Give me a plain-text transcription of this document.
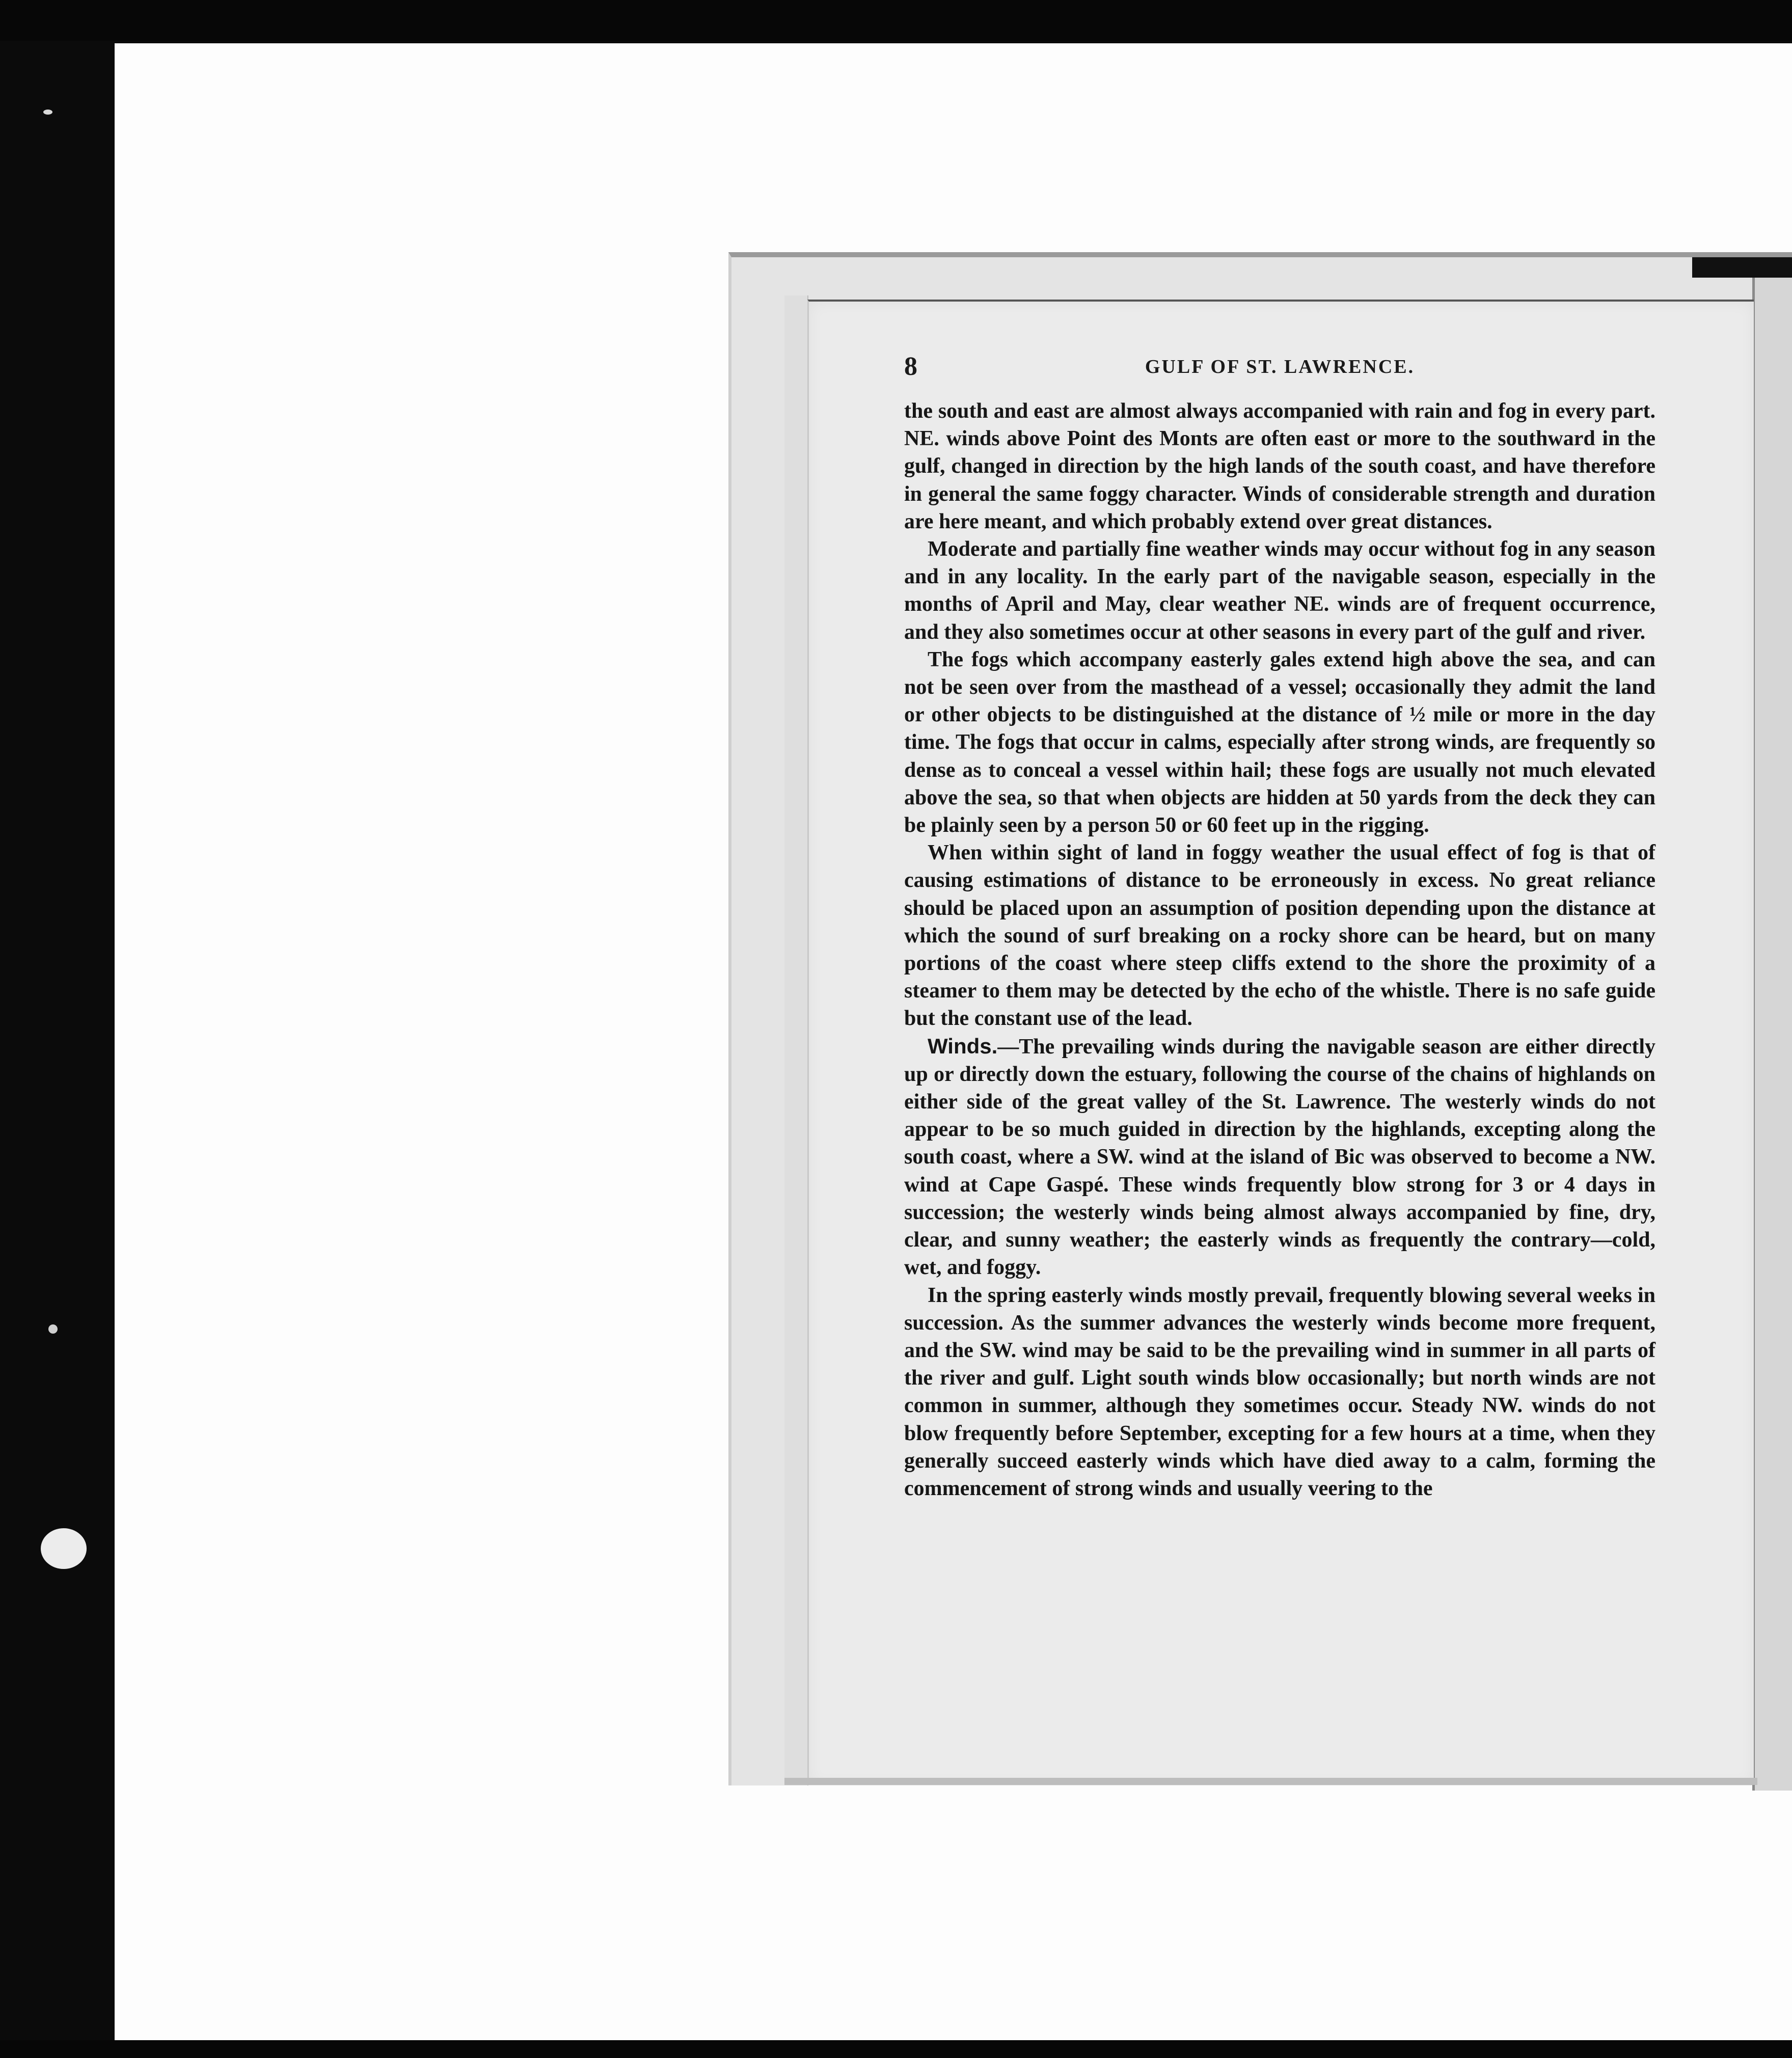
8	GULF OF ST. LAWRENCE.

the south and east are almost always accompanied with rain and fog in every part. NE. winds above Point des Monts are often east or more to the southward in the gulf, changed in direction by the high lands of the south coast, and have therefore in general the same foggy character. Winds of considerable strength and duration are here meant, and which probably extend over great distances.

Moderate and partially fine weather winds may occur without fog in any season and in any locality. In the early part of the navigable season, especially in the months of April and May, clear weather NE. winds are of frequent occurrence, and they also sometimes occur at other seasons in every part of the gulf and river.

The fogs which accompany easterly gales extend high above the sea, and can not be seen over from the masthead of a vessel; occasionally they admit the land or other objects to be distinguished at the distance of ½ mile or more in the day time. The fogs that occur in calms, especially after strong winds, are frequently so dense as to conceal a vessel within hail; these fogs are usually not much elevated above the sea, so that when objects are hidden at 50 yards from the deck they can be plainly seen by a person 50 or 60 feet up in the rigging.

When within sight of land in foggy weather the usual effect of fog is that of causing estimations of distance to be erroneously in excess. No great reliance should be placed upon an assumption of position depending upon the distance at which the sound of surf breaking on a rocky shore can be heard, but on many portions of the coast where steep cliffs extend to the shore the proximity of a steamer to them may be detected by the echo of the whistle. There is no safe guide but the constant use of the lead.

Winds.—The prevailing winds during the navigable season are either directly up or directly down the estuary, following the course of the chains of highlands on either side of the great valley of the St. Lawrence. The westerly winds do not appear to be so much guided in direction by the highlands, excepting along the south coast, where a SW. wind at the island of Bic was observed to become a NW. wind at Cape Gaspé. These winds frequently blow strong for 3 or 4 days in succession; the westerly winds being almost always accompanied by fine, dry, clear, and sunny weather; the easterly winds as frequently the contrary—cold, wet, and foggy.

In the spring easterly winds mostly prevail, frequently blowing several weeks in succession. As the summer advances the westerly winds become more frequent, and the SW. wind may be said to be the prevailing wind in summer in all parts of the river and gulf. Light south winds blow occasionally; but north winds are not common in summer, although they sometimes occur. Steady NW. winds do not blow frequently before September, excepting for a few hours at a time, when they generally succeed easterly winds which have died away to a calm, forming the commencement of strong winds and usually veering to the
